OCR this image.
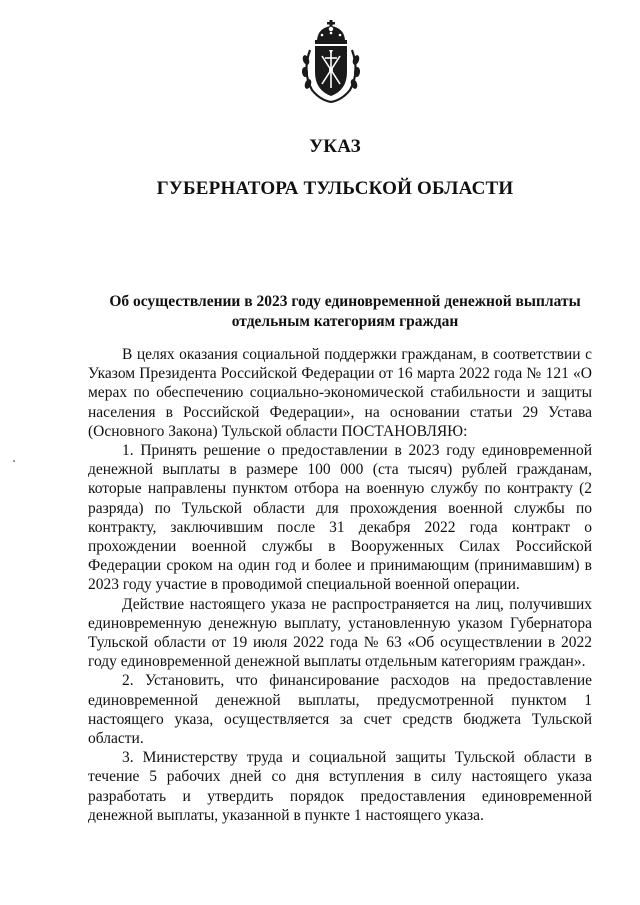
УКАЗ
ГУБЕРНАТОРА ТУЛЬСКОЙ ОБЛАСТИ
Об осуществлении в 2023 году единовременной денежной выплаты
отдельным категориям граждан

В целях оказания социальной поддержки гражданам, в соответствии с Указом Президента Российской Федерации от 16 марта 2022 года № 121 «О мерах по обеспечению социально-экономической стабильности и защиты населения в Российской Федерации», на основании статьи 29 Устава (Основного Закона) Тульской области ПОСТАНОВЛЯЮ:

1. Принять решение о предоставлении в 2023 году единовременной денежной выплаты в размере 100 000 (ста тысяч) рублей гражданам, которые направлены пунктом отбора на военную службу по контракту (2 разряда) по Тульской области для прохождения военной службы по контракту, заключившим после 31 декабря 2022 года контракт о прохождении военной службы в Вооруженных Силах Российской Федерации сроком на один год и более и принимающим (принимавшим) в 2023 году участие в проводимой специальной военной операции.

Действие настоящего указа не распространяется на лиц, получивших единовременную денежную выплату, установленную указом Губернатора Тульской области от 19 июля 2022 года № 63 «Об осуществлении в 2022 году единовременной денежной выплаты отдельным категориям граждан».

2. Установить, что финансирование расходов на предоставление единовременной денежной выплаты, предусмотренной пунктом 1 настоящего указа, осуществляется за счет средств бюджета Тульской области.

3. Министерству труда и социальной защиты Тульской области в течение 5 рабочих дней со дня вступления в силу настоящего указа разработать и утвердить порядок предоставления единовременной денежной выплаты, указанной в пункте 1 настоящего указа.
